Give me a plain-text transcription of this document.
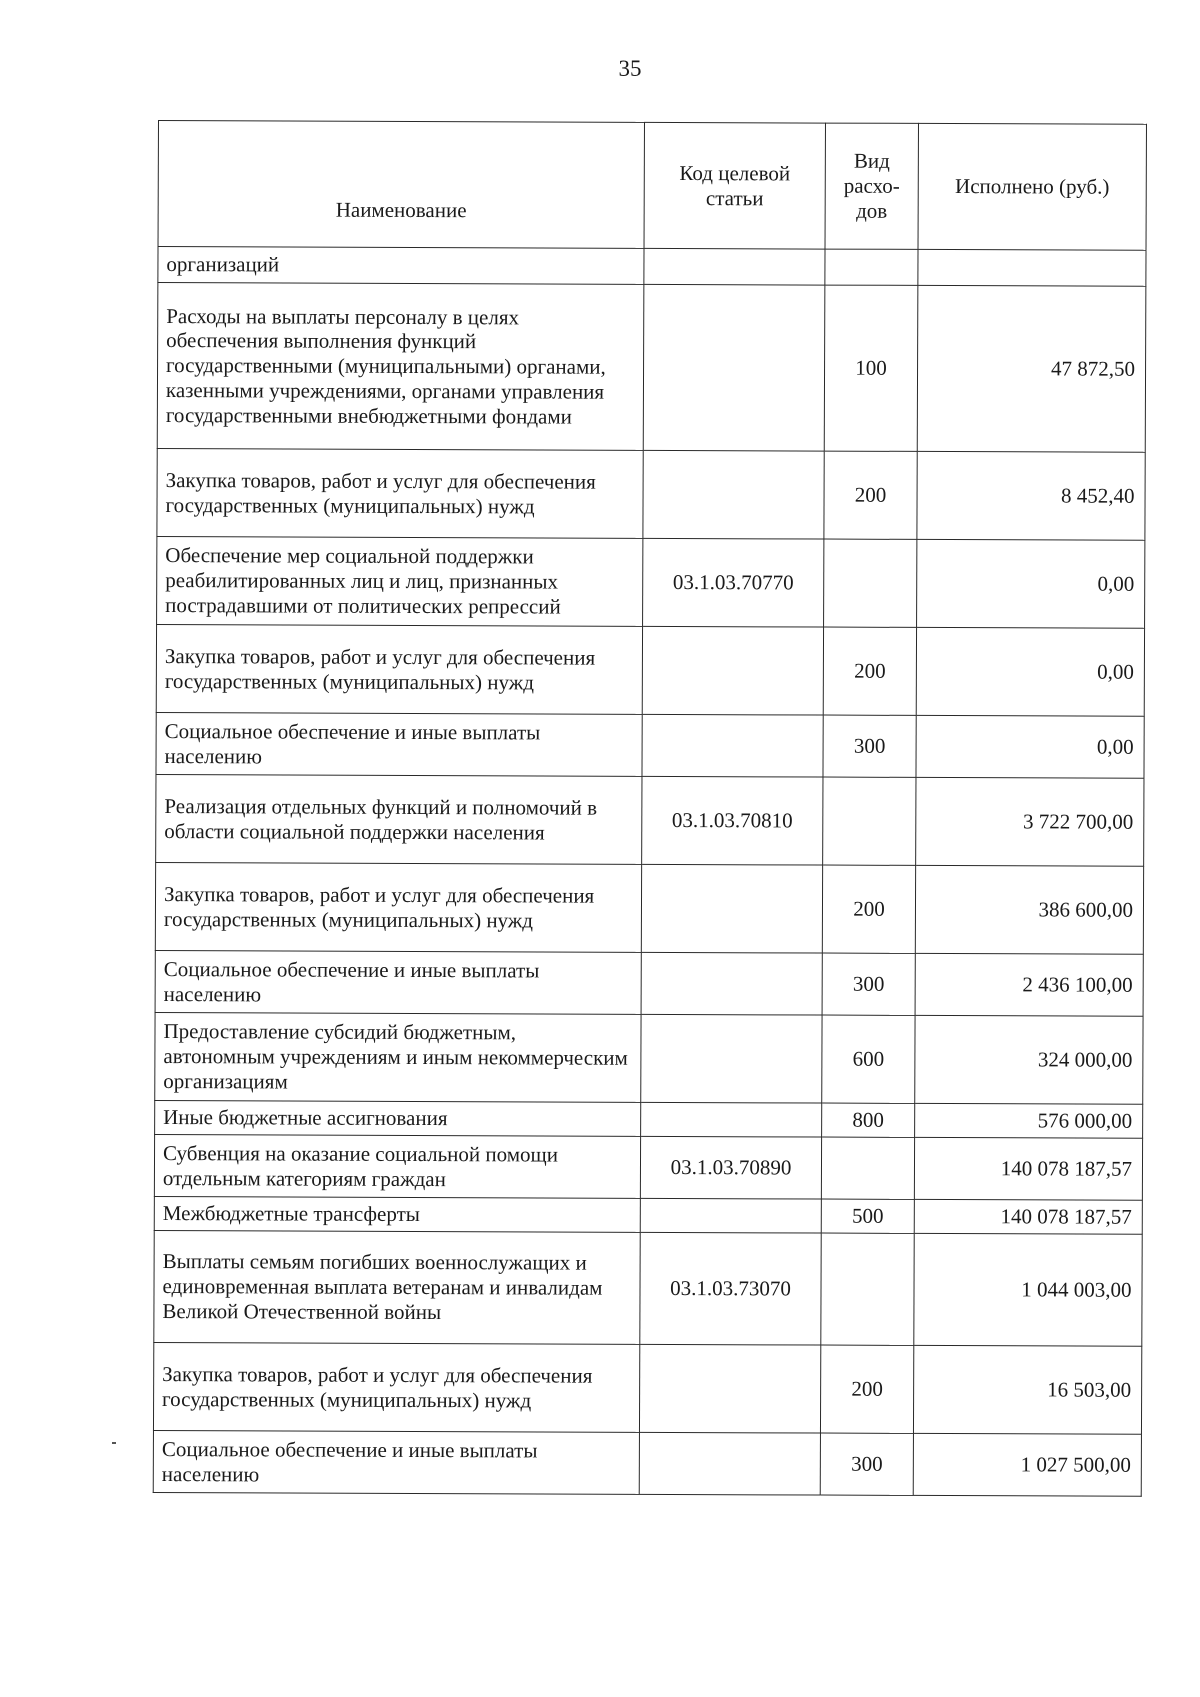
35
Наименование	Код целевой статьи	Вид расхо-дов	Исполнено (руб.)
организаций			
Расходы на выплаты персоналу в целях обеспечения выполнения функций государственными (муниципальными) органами, казенными учреждениями, органами управления государственными внебюджетными фондами		100	47 872,50
Закупка товаров, работ и услуг для обеспечения государственных (муниципальных) нужд		200	8 452,40
Обеспечение мер социальной поддержки реабилитированных лиц и лиц, признанных пострадавшими от политических репрессий	03.1.03.70770		0,00
Закупка товаров, работ и услуг для обеспечения государственных (муниципальных) нужд		200	0,00
Социальное обеспечение и иные выплаты населению		300	0,00
Реализация отдельных функций и полномочий в области социальной поддержки населения	03.1.03.70810		3 722 700,00
Закупка товаров, работ и услуг для обеспечения государственных (муниципальных) нужд		200	386 600,00
Социальное обеспечение и иные выплаты населению		300	2 436 100,00
Предоставление субсидий бюджетным, автономным учреждениям и иным некоммерческим организациям		600	324 000,00
Иные бюджетные ассигнования		800	576 000,00
Субвенция на оказание социальной помощи отдельным категориям граждан	03.1.03.70890		140 078 187,57
Межбюджетные трансферты		500	140 078 187,57
Выплаты семьям погибших военнослужащих и единовременная выплата ветеранам и инвалидам Великой Отечественной войны	03.1.03.73070		1 044 003,00
Закупка товаров, работ и услуг для обеспечения государственных (муниципальных) нужд		200	16 503,00
Социальное обеспечение и иные выплаты населению		300	1 027 500,00
